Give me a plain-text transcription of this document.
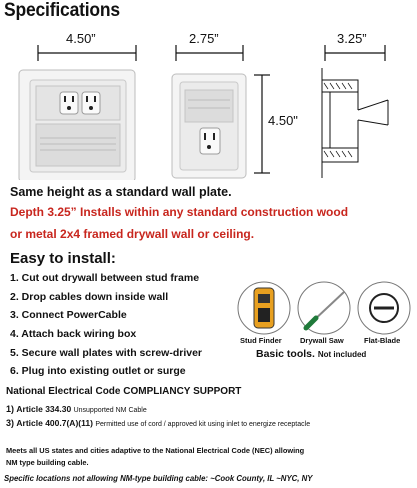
Specifications
4.50”	2.75”	3.25”
4.50"
Same height as a standard wall plate.
Depth 3.25” Installs within any standard construction wood
or metal 2x4 framed drywall wall or ceiling.
Easy to install:
1. Cut out drywall between stud frame
2. Drop cables down inside wall
3. Connect PowerCable
4. Attach back wiring box
5. Secure wall plates with screw-driver
6. Plug into existing outlet or surge
Stud Finder Drywall Saw	Flat-Blade
Basic tools. Not included
National Electrical Code COMPLIANCY SUPPORT
1) Article 334.30 Unsupported NM Cable
3) Article 400.7(A)(11) Permitted use of cord / approved kit using inlet to energize receptacle
Meets all US states and cities adaptive to the National Electrical Code (NEC) allowing
NM type building cable.
Specific locations not allowing NM-type building cable: ~Cook County, IL ~NYC, NY
